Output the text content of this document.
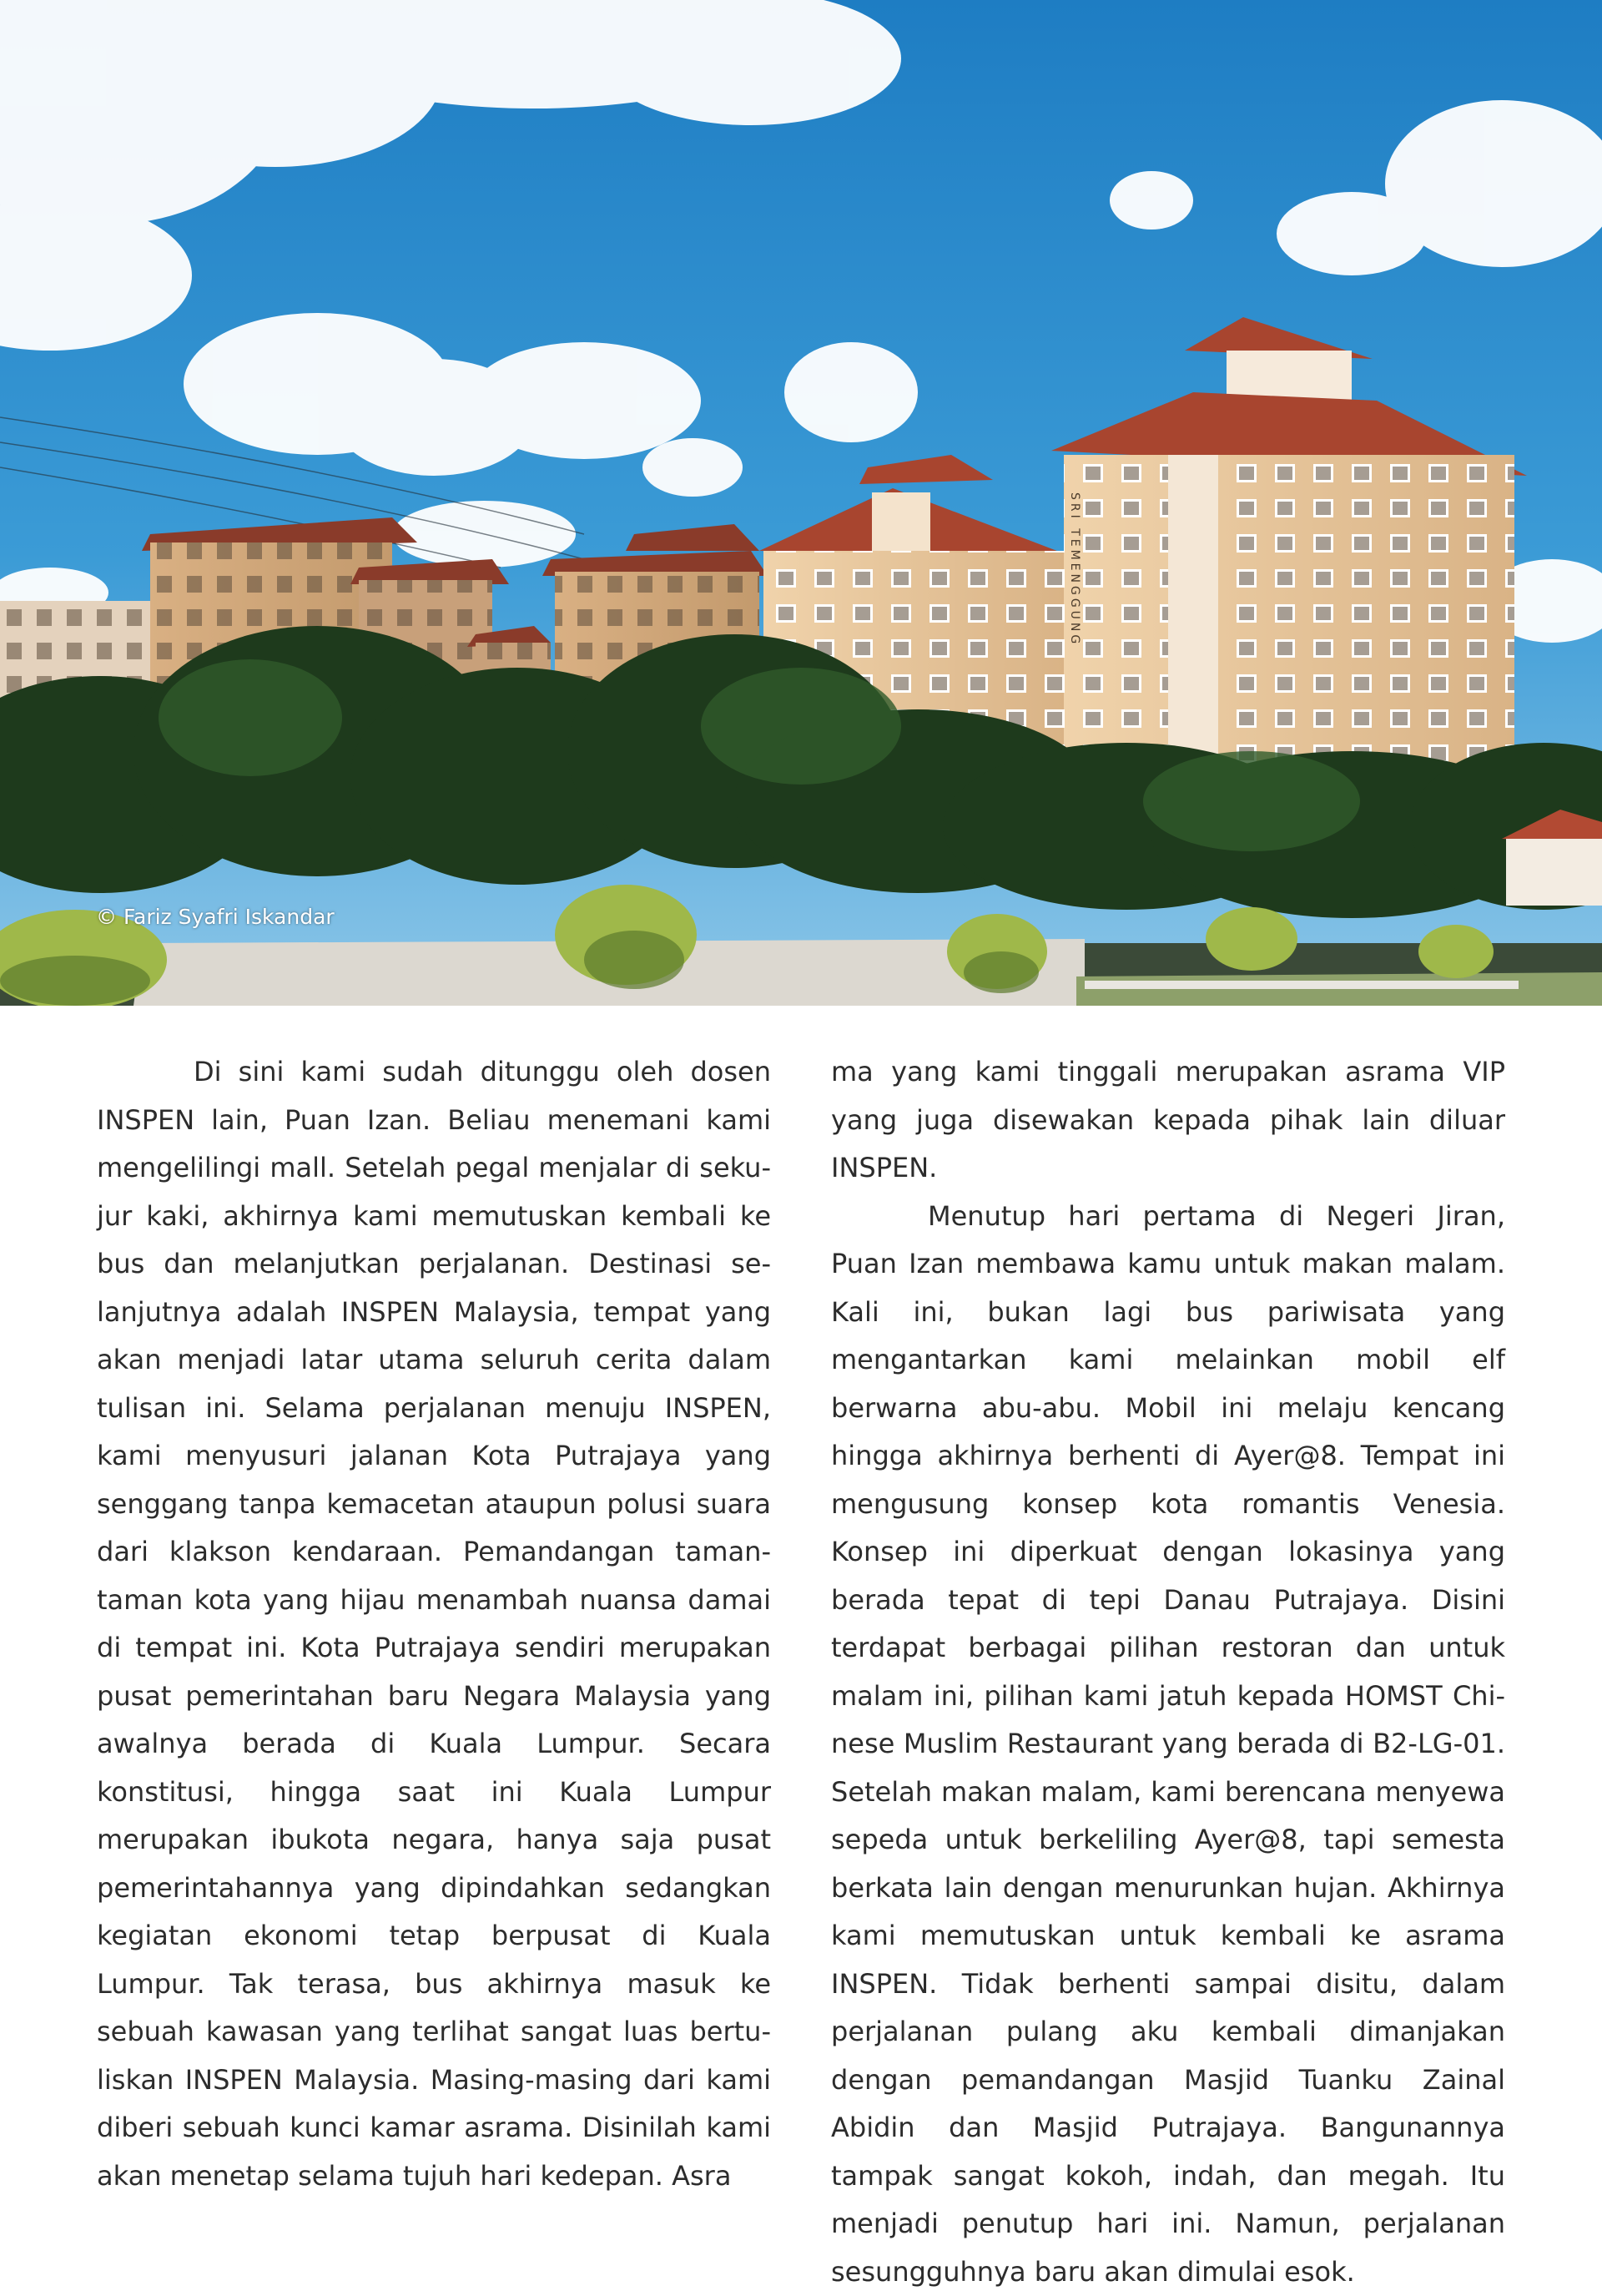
SRI TEMENGGUNG
© Fariz Syafri Iskandar

Di sini kami sudah ditunggu oleh dosen INSPEN lain, Puan Izan. Beliau menemani kami mengelilingi mall. Setelah pegal menjalar di sekujur kaki, akhirnya kami memutuskan kembali ke bus dan melanjutkan perjalanan. Destinasi selanjutnya adalah INSPEN Malaysia, tempat yang akan menjadi latar utama seluruh cerita dalam tulisan ini. Selama perjalanan menuju INSPEN, kami menyusuri jalanan Kota Putrajaya yang senggang tanpa kemacetan ataupun polusi suara dari klakson kendaraan. Pemandangan taman-taman kota yang hijau menambah nuansa damai di tempat ini. Kota Putrajaya sendiri merupakan pusat pemerintahan baru Negara Malaysia yang awalnya berada di Kuala Lumpur. Secara konstitusi, hingga saat ini Kuala Lumpur merupakan ibukota negara, hanya saja pusat pemerintahannya yang dipindahkan sedangkan kegiatan ekonomi tetap berpusat di Kuala Lumpur. Tak terasa, bus akhirnya masuk ke sebuah kawasan yang terlihat sangat luas bertuliskan INSPEN Malaysia. Masing-masing dari kami diberi sebuah kunci kamar asrama. Disinilah kami akan menetap selama tujuh hari kedepan. Asra

ma yang kami tinggali merupakan asrama VIP yang juga disewakan kepada pihak lain diluar INSPEN.

Menutup hari pertama di Negeri Jiran, Puan Izan membawa kamu untuk makan malam. Kali ini, bukan lagi bus pariwisata yang mengantarkan kami melainkan mobil elf berwarna abu-abu. Mobil ini melaju kencang hingga akhirnya berhenti di Ayer@8. Tempat ini mengusung konsep kota romantis Venesia. Konsep ini diperkuat dengan lokasinya yang berada tepat di tepi Danau Putrajaya. Disini terdapat berbagai pilihan restoran dan untuk malam ini, pilihan kami jatuh kepada HOMST Chinese Muslim Restaurant yang berada di B2-LG-01. Setelah makan malam, kami berencana menyewa sepeda untuk berkeliling Ayer@8, tapi semesta berkata lain dengan menurunkan hujan. Akhirnya kami memutuskan untuk kembali ke asrama INSPEN. Tidak berhenti sampai disitu, dalam perjalanan pulang aku kembali dimanjakan dengan pemandangan Masjid Tuanku Zainal Abidin dan Masjid Putrajaya. Bangunannya tampak sangat kokoh, indah, dan megah. Itu menjadi penutup hari ini. Namun, perjalanan sesungguhnya baru akan dimulai esok.
